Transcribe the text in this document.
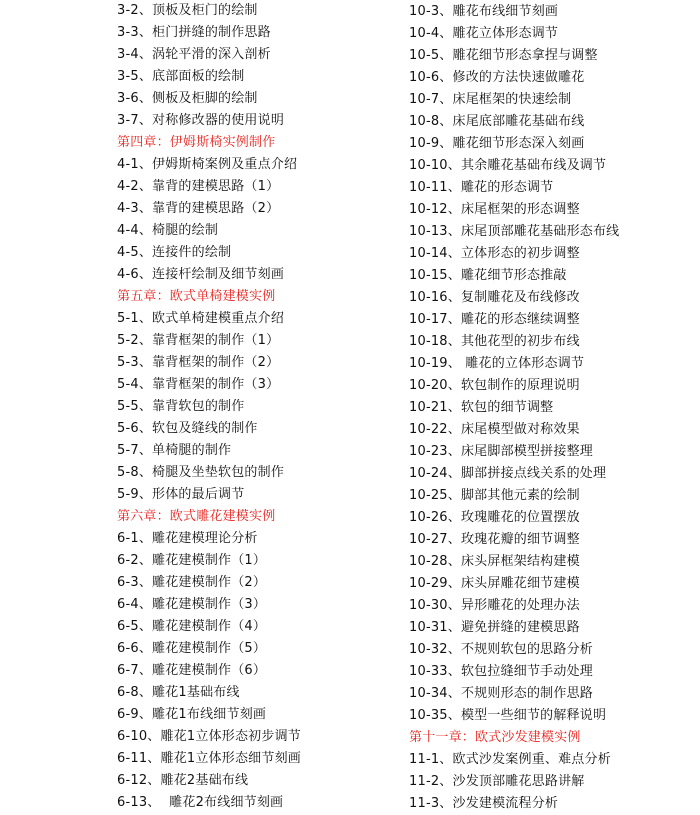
3-2、顶板及柜门的绘制
3-3、柜门拼缝的制作思路
3-4、涡轮平滑的深入剖析
3-5、底部面板的绘制
3-6、侧板及柜脚的绘制
3-7、对称修改器的使用说明
第四章：伊姆斯椅实例制作
4-1、伊姆斯椅案例及重点介绍
4-2、靠背的建模思路（1）
4-3、靠背的建模思路（2）
4-4、椅腿的绘制
4-5、连接件的绘制
4-6、连接杆绘制及细节刻画
第五章：欧式单椅建模实例
5-1、欧式单椅建模重点介绍
5-2、靠背框架的制作（1）
5-3、靠背框架的制作（2）
5-4、靠背框架的制作（3）
5-5、靠背软包的制作
5-6、软包及缝线的制作
5-7、单椅腿的制作
5-8、椅腿及坐垫软包的制作
5-9、形体的最后调节
第六章：欧式雕花建模实例
6-1、雕花建模理论分析
6-2、雕花建模制作（1）
6-3、雕花建模制作（2）
6-4、雕花建模制作（3）
6-5、雕花建模制作（4）
6-6、雕花建模制作（5）
6-7、雕花建模制作（6）
6-8、雕花1基础布线
6-9、雕花1布线细节刻画
6-10、雕花1立体形态初步调节
6-11、雕花1立体形态细节刻画
6-12、雕花2基础布线
6-13、  雕花2布线细节刻画
10-3、雕花布线细节刻画
10-4、雕花立体形态调节
10-5、雕花细节形态拿捏与调整
10-6、修改的方法快速做雕花
10-7、床尾框架的快速绘制
10-8、床尾底部雕花基础布线
10-9、雕花细节形态深入刻画
10-10、其余雕花基础布线及调节
10-11、雕花的形态调节
10-12、床尾框架的形态调整
10-13、床尾顶部雕花基础形态布线
10-14、立体形态的初步调整
10-15、雕花细节形态推敲
10-16、复制雕花及布线修改
10-17、雕花的形态继续调整
10-18、其他花型的初步布线
10-19、 雕花的立体形态调节
10-20、软包制作的原理说明
10-21、软包的细节调整
10-22、床尾模型做对称效果
10-23、床尾脚部模型拼接整理
10-24、脚部拼接点线关系的处理
10-25、脚部其他元素的绘制
10-26、玫瑰雕花的位置摆放
10-27、玫瑰花瓣的细节调整
10-28、床头屏框架结构建模
10-29、床头屏雕花细节建模
10-30、异形雕花的处理办法
10-31、避免拼缝的建模思路
10-32、不规则软包的思路分析
10-33、软包拉缝细节手动处理
10-34、不规则形态的制作思路
10-35、模型一些细节的解释说明
第十一章：欧式沙发建模实例
11-1、欧式沙发案例重、难点分析
11-2、沙发顶部雕花思路讲解
11-3、沙发建模流程分析
